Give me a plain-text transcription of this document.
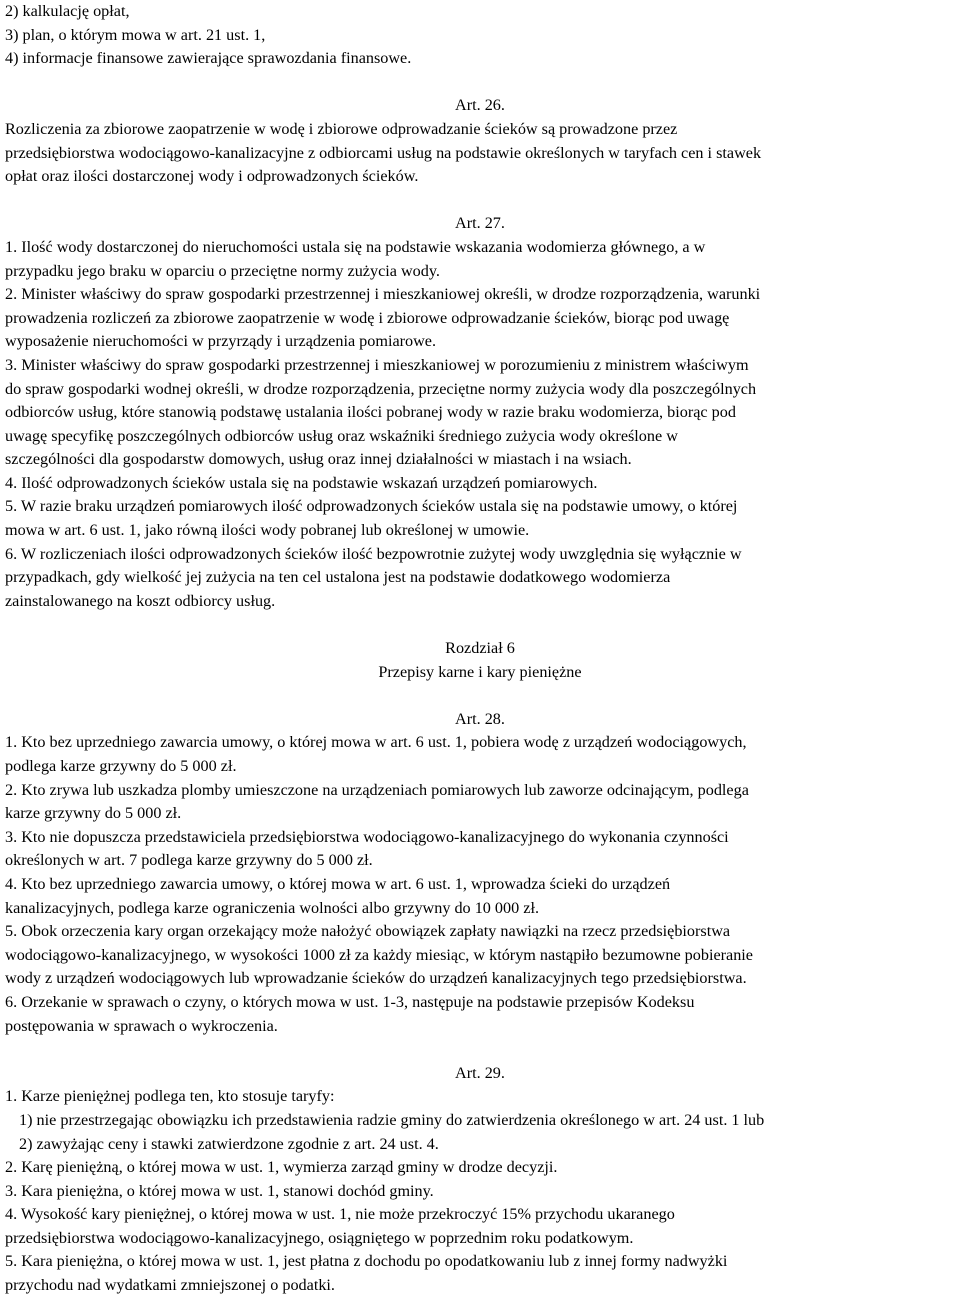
2) kalkulację opłat,
3) plan, o którym mowa w art. 21 ust. 1,
4) informacje finansowe zawierające sprawozdania finansowe.
Art. 26.
Rozliczenia za zbiorowe zaopatrzenie w wodę i zbiorowe odprowadzanie ścieków są prowadzone przez
przedsiębiorstwa wodociągowo-kanalizacyjne z odbiorcami usług na podstawie określonych w taryfach cen i stawek
opłat oraz ilości dostarczonej wody i odprowadzonych ścieków.
Art. 27.
1. Ilość wody dostarczonej do nieruchomości ustala się na podstawie wskazania wodomierza głównego, a w
przypadku jego braku w oparciu o przeciętne normy zużycia wody.
2. Minister właściwy do spraw gospodarki przestrzennej i mieszkaniowej określi, w drodze rozporządzenia, warunki
prowadzenia rozliczeń za zbiorowe zaopatrzenie w wodę i zbiorowe odprowadzanie ścieków, biorąc pod uwagę
wyposażenie nieruchomości w przyrządy i urządzenia pomiarowe.
3. Minister właściwy do spraw gospodarki przestrzennej i mieszkaniowej w porozumieniu z ministrem właściwym
do spraw gospodarki wodnej określi, w drodze rozporządzenia, przeciętne normy zużycia wody dla poszczególnych
odbiorców usług, które stanowią podstawę ustalania ilości pobranej wody w razie braku wodomierza, biorąc pod
uwagę specyfikę poszczególnych odbiorców usług oraz wskaźniki średniego zużycia wody określone w
szczególności dla gospodarstw domowych, usług oraz innej działalności w miastach i na wsiach.
4. Ilość odprowadzonych ścieków ustala się na podstawie wskazań urządzeń pomiarowych.
5. W razie braku urządzeń pomiarowych ilość odprowadzonych ścieków ustala się na podstawie umowy, o której
mowa w art. 6 ust. 1, jako równą ilości wody pobranej lub określonej w umowie.
6. W rozliczeniach ilości odprowadzonych ścieków ilość bezpowrotnie zużytej wody uwzględnia się wyłącznie w
przypadkach, gdy wielkość jej zużycia na ten cel ustalona jest na podstawie dodatkowego wodomierza
zainstalowanego na koszt odbiorcy usług.
Rozdział 6
Przepisy karne i kary pieniężne
Art. 28.
1. Kto bez uprzedniego zawarcia umowy, o której mowa w art. 6 ust. 1, pobiera wodę z urządzeń wodociągowych,
podlega karze grzywny do 5 000 zł.
2. Kto zrywa lub uszkadza plomby umieszczone na urządzeniach pomiarowych lub zaworze odcinającym, podlega
karze grzywny do 5 000 zł.
3. Kto nie dopuszcza przedstawiciela przedsiębiorstwa wodociągowo-kanalizacyjnego do wykonania czynności
określonych w art. 7 podlega karze grzywny do 5 000 zł.
4. Kto bez uprzedniego zawarcia umowy, o której mowa w art. 6 ust. 1, wprowadza ścieki do urządzeń
kanalizacyjnych, podlega karze ograniczenia wolności albo grzywny do 10 000 zł.
5. Obok orzeczenia kary organ orzekający może nałożyć obowiązek zapłaty nawiązki na rzecz przedsiębiorstwa
wodociągowo-kanalizacyjnego, w wysokości 1000 zł za każdy miesiąc, w którym nastąpiło bezumowne pobieranie
wody z urządzeń wodociągowych lub wprowadzanie ścieków do urządzeń kanalizacyjnych tego przedsiębiorstwa.
6. Orzekanie w sprawach o czyny, o których mowa w ust. 1-3, następuje na podstawie przepisów Kodeksu
postępowania w sprawach o wykroczenia.
Art. 29.
1. Karze pieniężnej podlega ten, kto stosuje taryfy:
1) nie przestrzegając obowiązku ich przedstawienia radzie gminy do zatwierdzenia określonego w art. 24 ust. 1 lub
2) zawyżając ceny i stawki zatwierdzone zgodnie z art. 24 ust. 4.
2. Karę pieniężną, o której mowa w ust. 1, wymierza zarząd gminy w drodze decyzji.
3. Kara pieniężna, o której mowa w ust. 1, stanowi dochód gminy.
4. Wysokość kary pieniężnej, o której mowa w ust. 1, nie może przekroczyć 15% przychodu ukaranego
przedsiębiorstwa wodociągowo-kanalizacyjnego, osiągniętego w poprzednim roku podatkowym.
5. Kara pieniężna, o której mowa w ust. 1, jest płatna z dochodu po opodatkowaniu lub z innej formy nadwyżki
przychodu nad wydatkami zmniejszonej o podatki.
